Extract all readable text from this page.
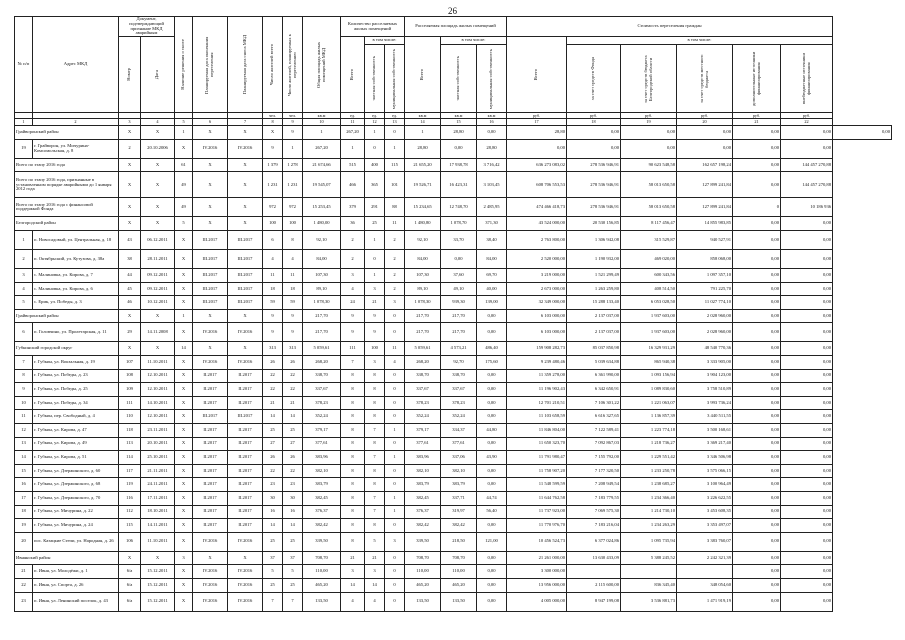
26
№ п/п	Адрес МКД	Документ, подтверждающий признание МКД аварийным		Наличие решения о сносе	Планируемая дата окончания переселения	Планируемая дата сноса МКД	Число жителей всего	Число жителей, планируемых к переселению	Общая площадь жилых помещений МКД	Количество расселяемых жилых помещений			Расселяемая площадь жилых помещений			Стоимость переселения граждан						

		Номер	Дата							Всего	в том числе:		Всего	в том числе:		Всего	в том числе:					

											частная собственность	муниципальная собственность		частная собственность	муниципальная собственность		за счет средств Фонда	за счет средств бюджета Белгородской области	за счет средств местного бюджета	дополнительные источники финансирования	внебюджетные источники финансирования	

							чел.	чел.	кв.м	ед.	ед.	ед.	кв.м	кв.м	кв.м	руб.	руб.	руб.	руб.	руб.	руб.	
1	2	3	4	5	6	7	8	9	10	11	12	13	14	15	16	17	18	19	20	21	22	
Грайворонский район		X	X	1	X	X	X	9	1	267,20	1	0	1	28,80	0,00	28,80	0,00	0,00	0,00	0,00	0,00	0,00
19	г. Грайворон, ул. Мичурина-Комсомольская, д. 8	2	20.10.2006	X	IV.2016	IV.2016	9	1	267,20	1	0	1	28,80	0,00	28,80	0,00	0,00	0,00	0,00	0,00	0,00	
Всего по этапу 2016 года		X	X	61	X	X	1 379	1 278	21 674,66	515	400	115	21 655,20	17 938,78	3 716,42	636 273 083,02	278 536 946,91	90 623 548,58	162 657 198,24	0,00	144 457 270,88	
Всего по этапу 2016 года, признанные в установленном порядке аварийными до 1 января 2012 года		X	X	49	X	X	1 231	1 231	19 545,07	466	365	101	19 526,71	16 423,31	3 103,45	608 706 553,53	278 536 946,91	58 013 650,58	127 899 241,84	0,00	144 457 270,88	
Всего по этапу 2016 года с финансовой поддержкой Фонда		X	X	49	X	X	972	972	15 253,45	379	291	88	15 234,65	12 748,70	2 485,95	474 466 418,73	278 536 946,91	58 013 650,58	127 899 241,84	0	10 186 936	
Белгородский район		X	X	5	X	X	100	100	1 480,00	36	25	11	1 480,80	1 078,70	371,30	43 524 000,00	20 530 156,85	8 117 456,47	14 855 983,85	0,00	0,00	
1	п. Новосадовый, ул. Центральная, д. 18	43	06.12.2011	X	III.2017	III.2017	6	8	92,10	2	1	2	92,10	33,70	38,40	2 763 800,00	1 306 942,08	315 529,87	940 527,91	0,00	0,00	
2	п. Октябрьский, ул. Кутузова, д. 38а	38	28.11.2011	X	III.2017	III.2017	4	4	84,00	2	0	2	84,00	0,00	84,00	2 520 000,00	1 190 932,00	469 020,00	858 068,00	0,00	0,00	
3	с. Малиновка, ул. Кирова, д. 7	44	09.12.2011	X	III.2017	III.2017	11	11	107,30	3	1	2	107,30	37,60	69,70	3 219 000,00	1 521 299,49	600 343,56	1 097 357,10	0,00	0,00	
4	с. Малиновка, ул. Кирова, д. 6	45	09.12.2011	X	III.2017	III.2017	18	18	89,10	4	3	2	89,10	49,10	40,00	2 673 000,00	1 263 259,80	408 514,50	791 225,70	0,00	0,00	
5	с. Ерик, ул. Победы, д. 3	46	10.12.2011	X	III.2017	III.2017	59	59	1 078,30	24	21	3	1 078,30	939,30	139,00	32 349 000,00	15 288 133,40	6 053 028,50	11 027 774,10	0,00	0,00	
Грайворонский район		X	X	1	X	X	9	9	217,70	9	9	0	217,70	217,70	0,00	6 103 000,00	2 137 037,00	1 937 603,00	2 028 960,00	0,00	0,00	
6	п. Головчино, ул. Пролетарская, д. 11	29	14.11.2008	X	IV.2016	IV.2016	9	9	217,70	9	9	0	217,70	217,70	0,00	6 103 000,00	2 137 037,00	1 937 603,00	2 028 960,00	0,00	0,00	
Губкинский городской округ		X	X	14	X	X	313	313	5 059,61	111	100	11	5 059,61	4 573,21	486,40	159 908 282,73	85 037 850,98	16 329 931,29	48 540 770,36	0,00	0,00	
7	г. Губкин, ул. Вокзальная, д. 19	107	11.10.2011	X	IV.2016	IV.2016	26	26	268,20	7	3	4	268,20	92,70	175,60	9 239 480,46	5 039 634,88	865 940,38	3 333 905,00	0,00	0,00	
8	г. Губкин, ул. Победы, д. 23	108	12.10.2011	X	II.2017	II.2017	22	22	338,70	8	8	0	338,70	338,70	0,00	11 359 278,00	6 361 990,00	1 093 156,94	3 904 123,00	0,00	0,00	
9	г. Губкин, ул. Победы, д. 25	109	12.10.2011	X	II.2017	II.2017	22	22	337,67	8	8	0	337,67	337,67	0,00	11 196 902,43	6 342 650,91	1 089 830,60	3 758 510,89	0,00	0,00	
10	г. Губкин, ул. Победы, д. 34	111	14.10.2011	X	II.2017	II.2017	21	21	378,23	8	8	0	378,23	378,23	0,00	12 701 210,51	7 106 301,22	1 221 063,07	3 993 736,24	0,00	0,00	
11	г. Губкин, пер. Свободный, д. 4	110	12.10.2011	X	III.2017	III.2017	14	14	352,24	8	8	0	352,24	352,24	0,00	11 103 658,59	6 616 327,65	1 136 857,39	3 440 511,55	0,00	0,00	
12	г. Губкин, ул. Кирова, д. 47	118	23.11.2011	X	II.2017	II.2017	25	25	379,17	8	7	1	379,17	334,37	44,80	11 846 804,00	7 122 589,41	1 223 774,18	3 500 168,61	0,00	0,00	
13	г. Губкин, ул. Кирова, д. 49	113	20.10.2011	X	II.2017	II.2017	27	27	377,61	8	8	0	377,61	377,61	0,00	11 650 323,70	7 092 867,03	1 218 736,27	3 369 217,40	0,00	0,00	
14	г. Губкин, ул. Кирова, д. 51	114	25.10.2011	X	II.2017	II.2017	26	26	383,96	8	7	1	383,96	337,06	43,90	11 791 980,47	7 155 792,00	1 229 551,42	3 346 506,98	0,00	0,00	
15	г. Губкин, ул. Дзержинского, д. 60	117	21.11.2011	X	II.2017	II.2017	22	22	382,10	8	8	0	382,10	382,10	0,00	11 758 907,20	7 177 320,50	1 233 250,78	3 575 066,15	0,00	0,00	
16	г. Губкин, ул. Дзержинского, д. 68	119	24.11.2011	X	II.2017	II.2017	23	23	383,79	8	8	0	383,79	383,79	0,00	11 548 599,59	7 208 949,54	1 238 685,27	3 100 964,49	0,00	0,00	
17	г. Губкин, ул. Дзержинского, д. 70	116	17.11.2011	X	II.2017	II.2017	30	30	382,45	8	7	1	382,45	337,71	44,74	11 644 762,58	7 183 779,55	1 234 366,40	3 226 622,55	0,00	0,00	
18	г. Губкин, ул. Мичурина, д. 22	112	18.10.2011	X	II.2017	II.2017	16	16	376,37	8	7	1	376,37	319,97	56,40	11 737 923,00	7 069 575,30	1 214 730,10	3 453 608,35	0,00	0,00	
19	г. Губкин, ул. Мичурина, д. 24	115	14.11.2011	X	II.2017	II.2017	14	14	382,42	8	8	0	382,42	382,42	0,00	11 770 976,70	7 183 216,04	1 234 263,29	3 353 497,07	0,00	0,00	
20	пос. Казацкие Степи, ул. Народная, д. 26	106	11.10.2011	X	IV.2016	IV.2016	25	25	339,50	8	5	3	339,50	218,50	121,00	10 456 524,73	6 377 024,86	1 095 735,94	3 383 760,07	0,00	0,00	
Ивнянский район		X	X	3	X	X	37	37	708,70	21	21	0	708,70	708,70	0,00	21 261 000,00	13 630 433,09	5 388 245,52	2 242 321,39	0,00	0,00	
21	п. Ивня, ул. Молодёжи, д. 1	6/а	15.12.2011	X	IV.2016	IV.2016	5	5	110,00	3	3	0	110,00	110,00	0,00	3 300 000,00				0,00	0,00	
22	п. Ивня, ул. Спорта, д. 26	6/а	15.12.2011	X	IV.2016	IV.2016	25	25	465,20	14	14	0	465,20	465,20	0,00	13 956 000,00	2 115 600,00	836 345,40	348 054,60	0,00	0,00	
23	п. Ивня, ул. Ленинский поселок, д. 43	6/а	15.12.2011	X	IV.2016	IV.2016	7	7	133,50	4	4	0	133,50	133,50	0,00	4 005 000,00	8 947 199,08	3 536 881,73	1 471 919,19	0,00	0,00	
